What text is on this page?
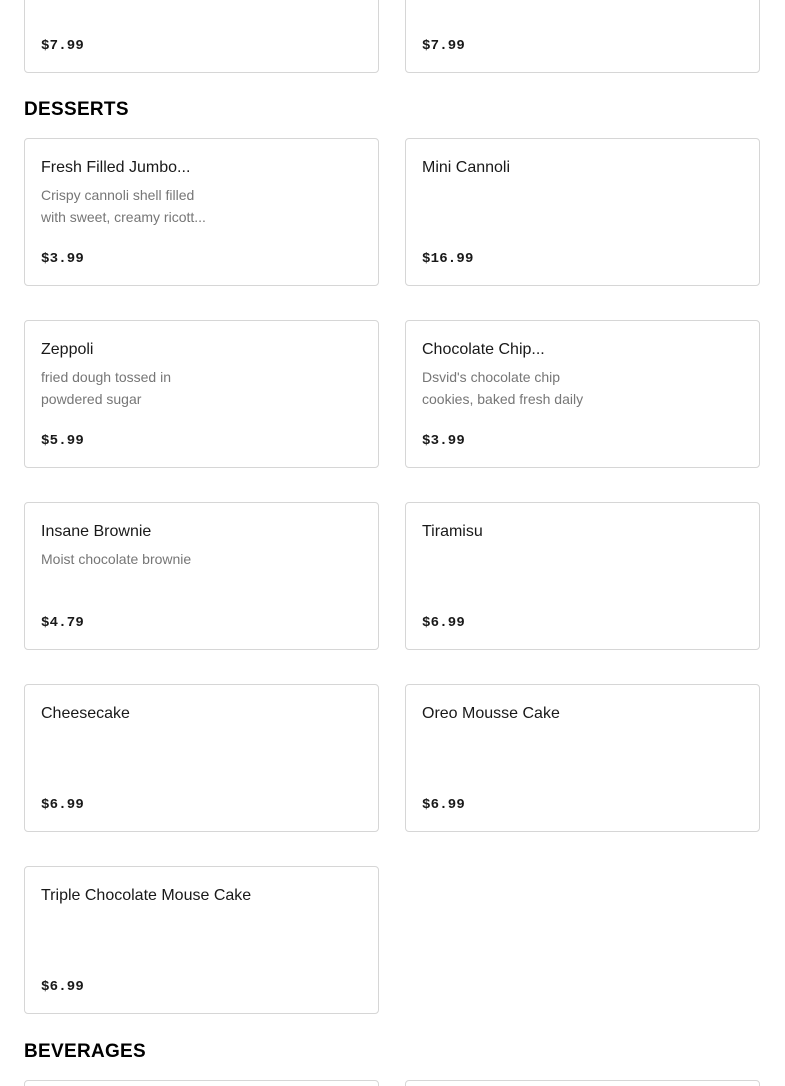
$7.99	$7.99
DESSERTS
Fresh Filled Jumbo...
Crispy cannoli shell filled with sweet, creamy ricott...
$3.99
Mini Cannoli
$16.99
Zeppoli
fried dough tossed in powdered sugar
$5.99
Chocolate Chip...
Dsvid's chocolate chip cookies, baked fresh daily
$3.99
Insane Brownie
Moist chocolate brownie
$4.79
Tiramisu
$6.99
Cheesecake
$6.99
Oreo Mousse Cake
$6.99
Triple Chocolate Mouse Cake
$6.99
BEVERAGES
